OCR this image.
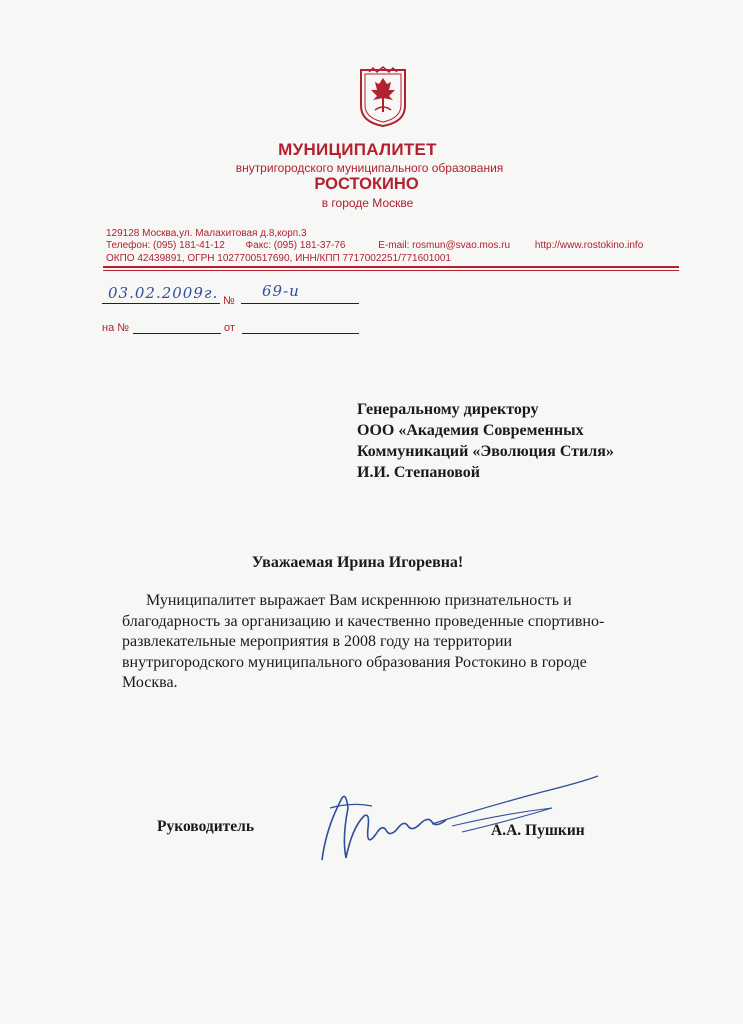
МУНИЦИПАЛИТЕТ
внутригородского муниципального образования
РОСТОКИНО
в городе Москве
129128 Москва,ул. Малахитовая д.8,корп.3
Телефон: (095) 181-41-12 Факс: (095) 181-37-76	E-mail: rosmun@svao.mos.ru http://www.rostokino.info
ОКПО 42439891, ОГРН 1027700517690, ИНН/КПП 7717002251/771601001
03.02.2009г. №
69-и
на №	от
Генеральному директору
ООО «Академия Современных
Коммуникаций «Эволюция Стиля»
И.И. Степановой
Уважаемая Ирина Игоревна!
Муниципалитет выражает Вам искреннюю признательность и
благодарность за организацию и качественно проведенные спортивно-
развлекательные мероприятия в 2008 году на территории
внутригородского муниципального образования Ростокино в городе
Москва.
Руководитель	А.А. Пушкин
